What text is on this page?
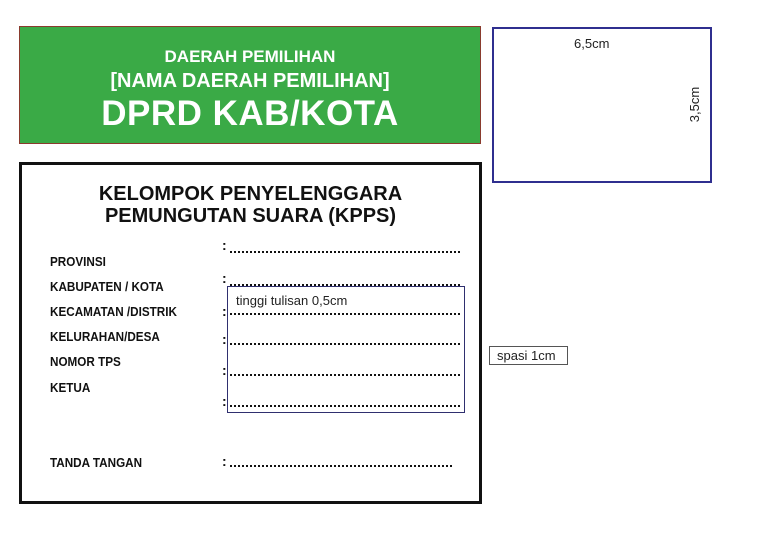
DAERAH PEMILIHAN
[NAMA DAERAH PEMILIHAN]
DPRD KAB/KOTA
6,5cm
3,5cm
KELOMPOK PENYELENGGARA
PEMUNGUTAN SUARA (KPPS)
PROVINSI
KABUPATEN / KOTA
KECAMATAN /DISTRIK
KELURAHAN/DESA
NOMOR TPS
KETUA
:
:
:
:
:
:
tinggi tulisan 0,5cm
TANDA TANGAN	:
spasi 1cm
